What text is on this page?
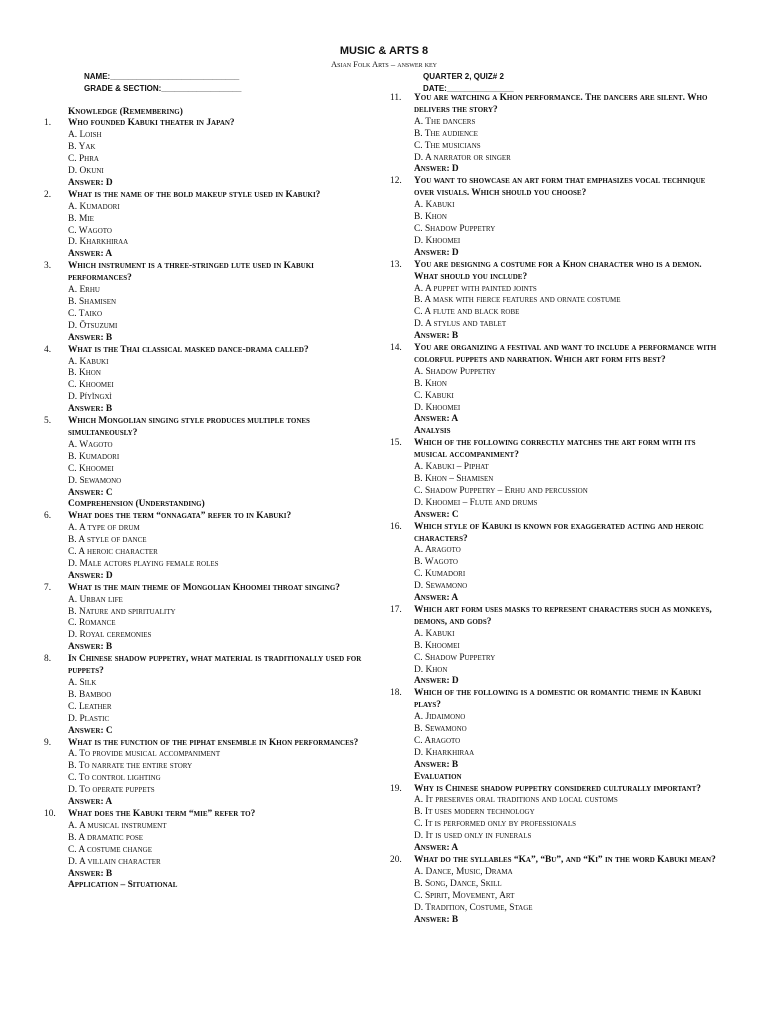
MUSIC & ARTS 8
Asian Folk Arts – answer key
NAME:_____________________________
GRADE & SECTION:__________________
QUARTER 2, QUIZ# 2
DATE:_______________
Knowledge (Remembering)
1.	Who founded Kabuki theater in Japan?
A. Loish
B. Yak
C. Phra
D. Okuni
Answer: D
2.	What is the name of the bold makeup style used in Kabuki?
A. Kumadori
B. Mie
C. Wagoto
D. Kharkhiraa
Answer: A
3.	Which instrument is a three-stringed lute used in Kabuki performances?
A. Erhu
B. Shamisen
C. Taiko
D. Ōtsuzumi
Answer: B
4.	What is the Thai classical masked dance-drama called?
A. Kabuki
B. Khon
C. Khoomei
D. Píyǐngxì
Answer: B
5.	Which Mongolian singing style produces multiple tones simultaneously?
A. Wagoto
B. Kumadori
C. Khoomei
D. Sewamono
Answer: C
Comprehension (Understanding)
6.	What does the term “onnagata” refer to in Kabuki?
A. A type of drum
B. A style of dance
C. A heroic character
D. Male actors playing female roles
Answer: D
7.	What is the main theme of Mongolian Khoomei throat singing?
A. Urban life
B. Nature and spirituality
C. Romance
D. Royal ceremonies
Answer: B
8.	In Chinese shadow puppetry, what material is traditionally used for puppets?
A. Silk
B. Bamboo
C. Leather
D. Plastic
Answer: C
9.	What is the function of the piphat ensemble in Khon performances?
A. To provide musical accompaniment
B. To narrate the entire story
C. To control lighting
D. To operate puppets
Answer: A
10.	What does the Kabuki term “mie” refer to?
A. A musical instrument
B. A dramatic pose
C. A costume change
D. A villain character
Answer: B
Application – Situational
11.	You are watching a Khon performance. The dancers are silent. Who delivers the story?
A. The dancers
B. The audience
C. The musicians
D. A narrator or singer
Answer: D
12.	You want to showcase an art form that emphasizes vocal technique over visuals. Which should you choose?
A. Kabuki
B. Khon
C. Shadow Puppetry
D. Khoomei
Answer: D
13.	You are designing a costume for a Khon character who is a demon. What should you include?
A. A puppet with painted joints
B. A mask with fierce features and ornate costume
C. A flute and black robe
D. A stylus and tablet
Answer: B
14.	You are organizing a festival and want to include a performance with colorful puppets and narration. Which art form fits best?
A. Shadow Puppetry
B. Khon
C. Kabuki
D. Khoomei
Answer: A
Analysis
15.	Which of the following correctly matches the art form with its musical accompaniment?
A. Kabuki – Piphat
B. Khon – Shamisen
C. Shadow Puppetry – Erhu and percussion
D. Khoomei – Flute and drums
Answer: C
16.	Which style of Kabuki is known for exaggerated acting and heroic characters?
A. Aragoto
B. Wagoto
C. Kumadori
D. Sewamono
Answer: A
17.	Which art form uses masks to represent characters such as monkeys, demons, and gods?
A. Kabuki
B. Khoomei
C. Shadow Puppetry
D. Khon
Answer: D
18.	Which of the following is a domestic or romantic theme in Kabuki plays?
A. Jidaimono
B. Sewamono
C. Aragoto
D. Kharkhiraa
Answer: B
Evaluation
19.	Why is Chinese shadow puppetry considered culturally important?
A. It preserves oral traditions and local customs
B. It uses modern technology
C. It is performed only by professionals
D. It is used only in funerals
Answer: A
20.	What do the syllables “Ka”, “Bu”, and “Ki” in the word Kabuki mean?
A. Dance, Music, Drama
B. Song, Dance, Skill
C. Spirit, Movement, Art
D. Tradition, Costume, Stage
Answer: B
